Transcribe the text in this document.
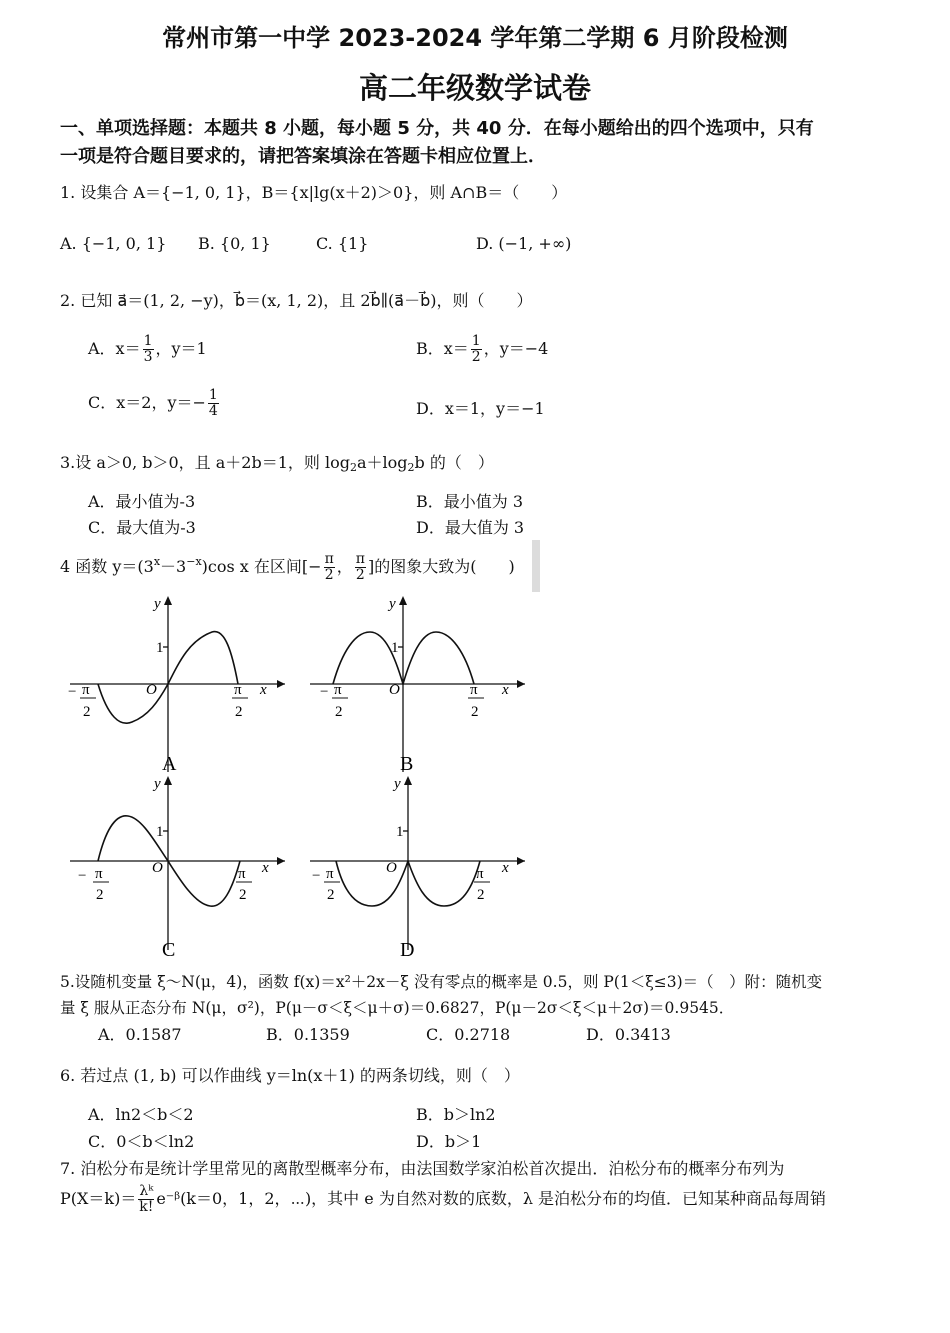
常州市第一中学 2023-2024 学年第二学期 6 月阶段检测
高二年级数学试卷
一、单项选择题：本题共 8 小题，每小题 5 分，共 40 分．在每小题给出的四个选项中，只有
一项是符合题目要求的，请把答案填涂在答题卡相应位置上．
1. 设集合 A＝{−1, 0, 1}，B＝{x|lg(x＋2)＞0}，则 A∩B＝（　　）
A. {−1, 0, 1} B. {0, 1}	C. {1}	D. (−1, +∞)
2. 已知 a⃗＝(1, 2, −y)，b⃗＝(x, 1, 2)，且 2b⃗∥(a⃗－b⃗)，则（　　）
A．$x= \frac{1}{3}$ ，y＝1	B．$x= \frac{1}{2}$ ，y＝−4
C．x＝2，$y=- \frac{1}{4}$	D．x＝1，y＝−1
3.设 a＞0, b＞0，且 a＋2b＝1，则 $\log_2a+\log_2b$ 的（　）
A．最小值为-3	B．最小值为 3
C．最大值为-3	D．最大值为 3
4 函数 $y=(3^x-3^{-x})\cos$ x 在区间[− $\frac{\pi}{2}$ ， $\frac{\pi}{2}$ ]的图象大致为(　　)
1
y
x
O
− π
2
π
2
A
1
y
x
O
− π
2
π
2
B
1
y
x
O
− π
2
π
2
C
1
y
x
O
− π
2
π
2
D
5.设随机变量 ξ～N(μ，4)，函数 f(x)＝x²＋2x－ξ 没有零点的概率是 0.5，则 P(1＜ξ≤3)＝（　）附：随机变
量 ξ 服从正态分布 N(μ，σ²)，P(μ－σ＜ξ＜μ＋σ)＝0.6827，P(μ－2σ＜ξ＜μ＋2σ)＝0.9545．
A．0.1587	B．0.1359	C．0.2718	D．0.3413
6. 若过点 (1, b) 可以作曲线 y＝ln(x＋1) 的两条切线，则（　）
A．ln2＜b＜2	B．b＞ln2
C．0＜b＜ln2	D．b＞1
7. 泊松分布是统计学里常见的离散型概率分布，由法国数学家泊松首次提出．泊松分布的概率分布列为
$P(X=k)= \frac{\text{λᵏ}}{k!}$ e⁻ᵝ(k＝0，1，2，⋯)，其中 e 为自然对数的底数，λ 是泊松分布的均值．已知某种商品每周销
